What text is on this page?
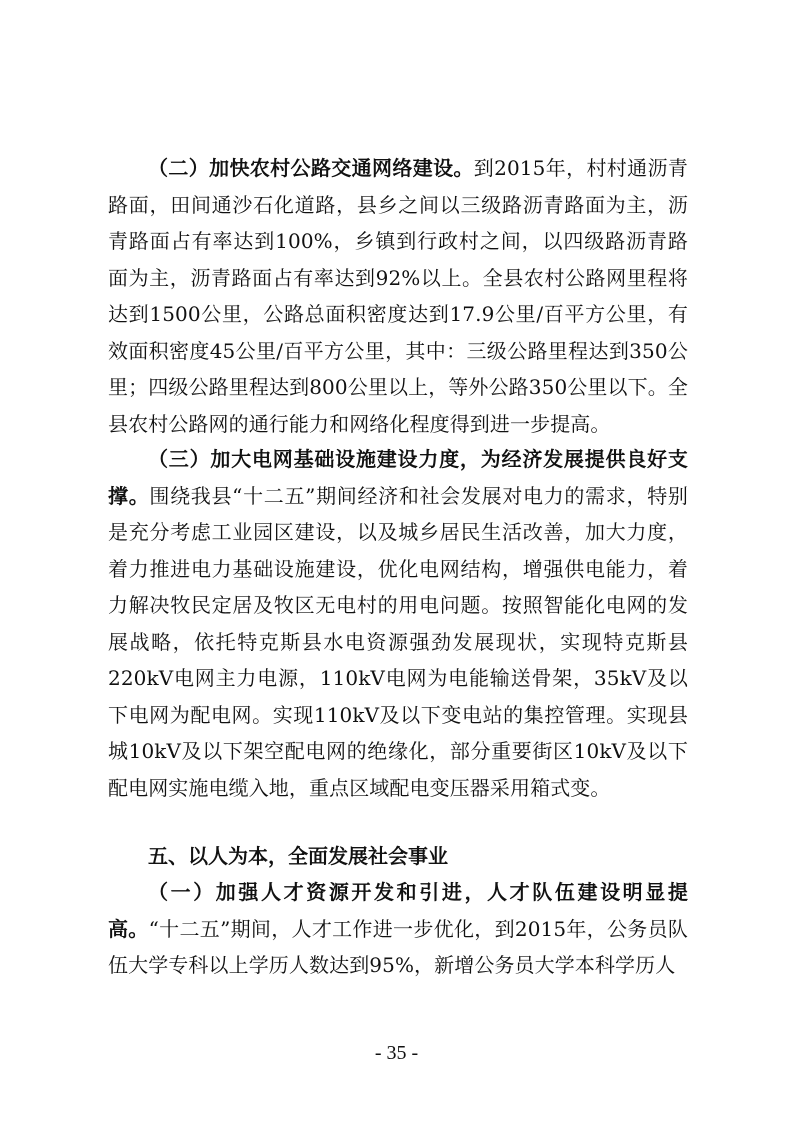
（二）加快农村公路交通网络建设。到2015年，村村通沥青路面，田间通沙石化道路，县乡之间以三级路沥青路面为主，沥青路面占有率达到100%，乡镇到行政村之间，以四级路沥青路面为主，沥青路面占有率达到92%以上。全县农村公路网里程将达到1500公里，公路总面积密度达到17.9公里/百平方公里，有效面积密度45公里/百平方公里，其中：三级公路里程达到350公里；四级公路里程达到800公里以上，等外公路350公里以下。全县农村公路网的通行能力和网络化程度得到进一步提高。

（三）加大电网基础设施建设力度，为经济发展提供良好支撑。围绕我县“十二五”期间经济和社会发展对电力的需求，特别是充分考虑工业园区建设，以及城乡居民生活改善，加大力度，着力推进电力基础设施建设，优化电网结构，增强供电能力，着力解决牧民定居及牧区无电村的用电问题。按照智能化电网的发展战略，依托特克斯县水电资源强劲发展现状，实现特克斯县220kV电网主力电源，110kV电网为电能输送骨架，35kV及以下电网为配电网。实现110kV及以下变电站的集控管理。实现县城10kV及以下架空配电网的绝缘化，部分重要街区10kV及以下配电网实施电缆入地，重点区域配电变压器采用箱式变。

五、以人为本，全面发展社会事业

（一）加强人才资源开发和引进，人才队伍建设明显提高。“十二五”期间，人才工作进一步优化，到2015年，公务员队伍大学专科以上学历人数达到95%，新增公务员大学本科学历人

- 35 -
